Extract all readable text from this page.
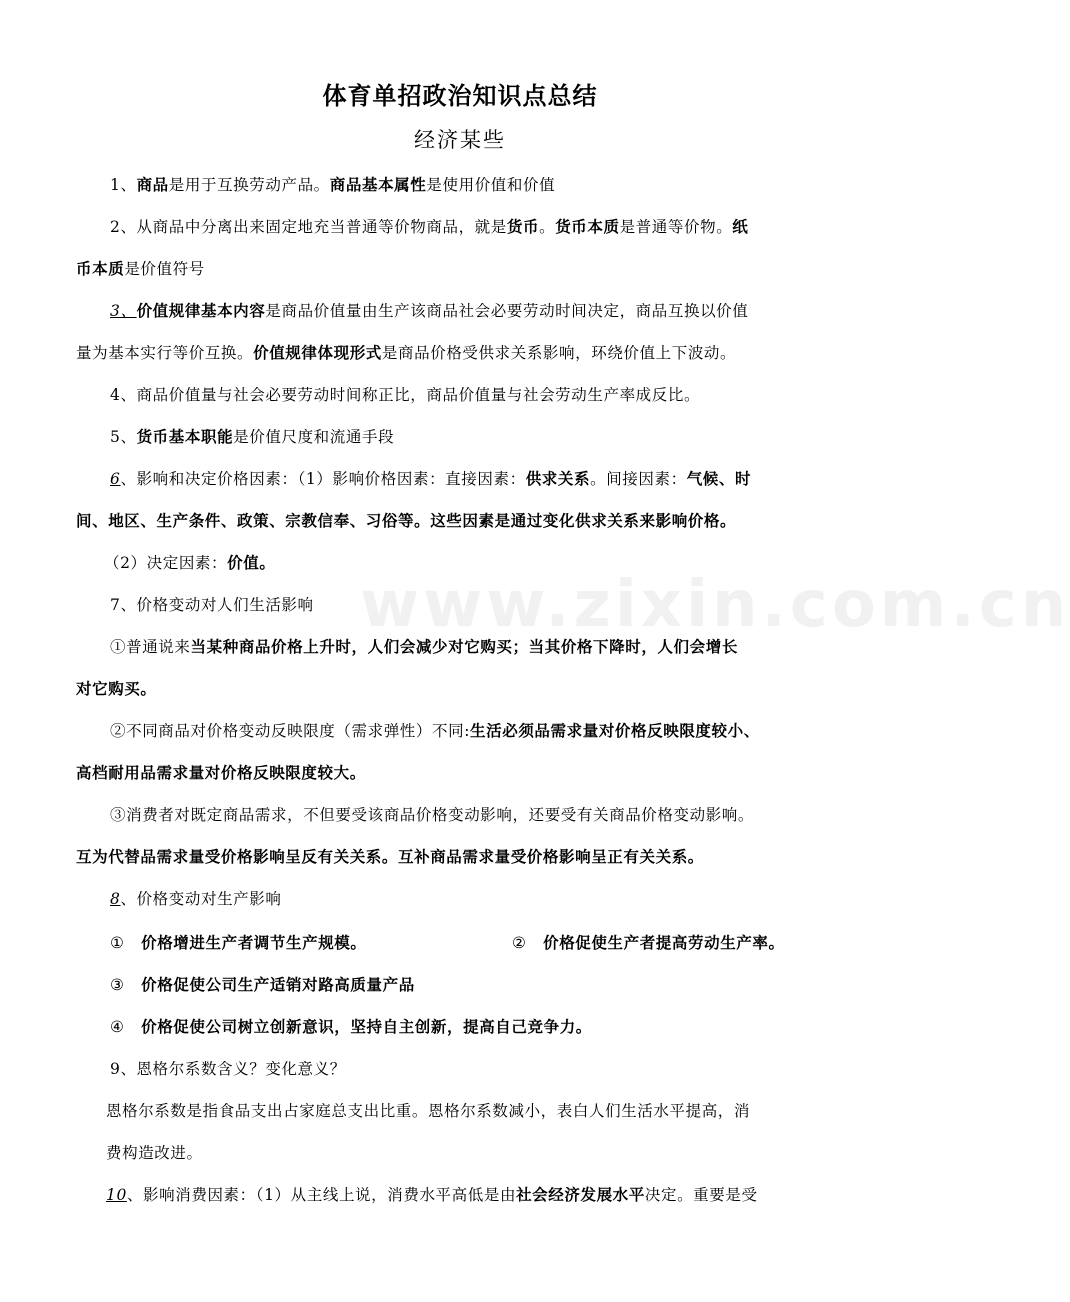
www.zixin.com.cn
体育单招政治知识点总结
经济某些
1、商品是用于互换劳动产品。商品基本属性是使用价值和价值
2、从商品中分离出来固定地充当普通等价物商品，就是货币。货币本质是普通等价物。纸
币本质是价值符号
3、价值规律基本内容是商品价值量由生产该商品社会必要劳动时间决定，商品互换以价值
量为基本实行等价互换。价值规律体现形式是商品价格受供求关系影响，环绕价值上下波动。
4、商品价值量与社会必要劳动时间称正比，商品价值量与社会劳动生产率成反比。
5、货币基本职能是价值尺度和流通手段
6、影响和决定价格因素：（1）影响价格因素：直接因素：供求关系。间接因素：气候、时
间、地区、生产条件、政策、宗教信奉、习俗等。这些因素是通过变化供求关系来影响价格。
（2）决定因素：价值。
7、价格变动对人们生活影响
①普通说来当某种商品价格上升时，人们会减少对它购买；当其价格下降时，人们会增长
对它购买。
②不同商品对价格变动反映限度（需求弹性）不同:生活必须品需求量对价格反映限度较小、
高档耐用品需求量对价格反映限度较大。
③消费者对既定商品需求，不但要受该商品价格变动影响，还要受有关商品价格变动影响。
互为代替品需求量受价格影响呈反有关关系。互补商品需求量受价格影响呈正有关关系。
8、价格变动对生产影响
① 价格增进生产者调节生产规模。	② 价格促使生产者提高劳动生产率。
③ 价格促使公司生产适销对路高质量产品
④ 价格促使公司树立创新意识，坚持自主创新，提高自己竞争力。
9、恩格尔系数含义？变化意义？
恩格尔系数是指食品支出占家庭总支出比重。恩格尔系数减小，表白人们生活水平提高，消
费构造改进。
10、影响消费因素：（1）从主线上说，消费水平高低是由社会经济发展水平决定。重要是受
